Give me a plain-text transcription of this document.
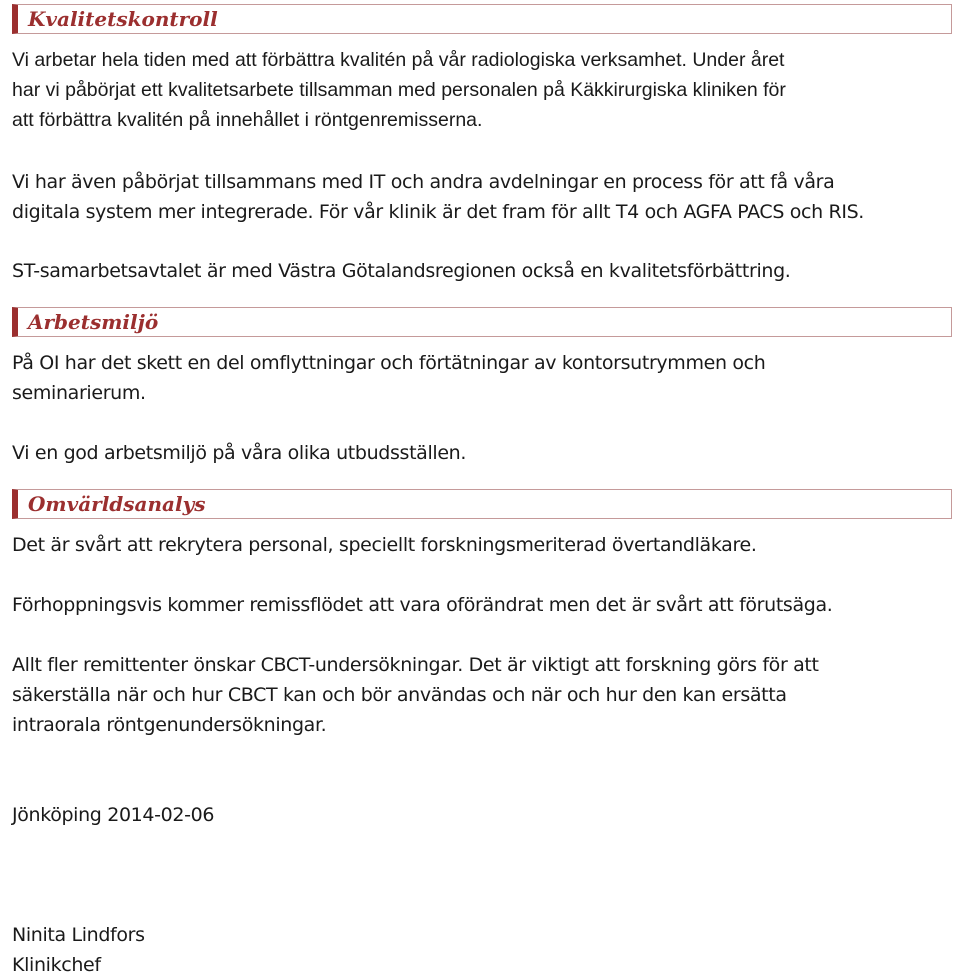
Kvalitetskontroll
Vi arbetar hela tiden med att förbättra kvalitén på vår radiologiska verksamhet. Under året
har vi påbörjat ett kvalitetsarbete tillsamman med personalen på Käkkirurgiska kliniken för
att förbättra kvalitén på innehållet i röntgenremisserna.
Vi har även påbörjat tillsammans med IT och andra avdelningar en process för att få våra
digitala system mer integrerade. För vår klinik är det fram för allt T4 och AGFA PACS och RIS.
ST-samarbetsavtalet är med Västra Götalandsregionen också en kvalitetsförbättring.
Arbetsmiljö
På OI har det skett en del omflyttningar och förtätningar av kontorsutrymmen och
seminarierum.
Vi en god arbetsmiljö på våra olika utbudsställen.
Omvärldsanalys
Det är svårt att rekrytera personal, speciellt forskningsmeriterad övertandläkare.
Förhoppningsvis kommer remissflödet att vara oförändrat men det är svårt att förutsäga.
Allt fler remittenter önskar CBCT-undersökningar. Det är viktigt att forskning görs för att
säkerställa när och hur CBCT kan och bör användas och när och hur den kan ersätta
intraorala röntgenundersökningar.
Jönköping 2014-02-06
Ninita Lindfors
Klinikchef
